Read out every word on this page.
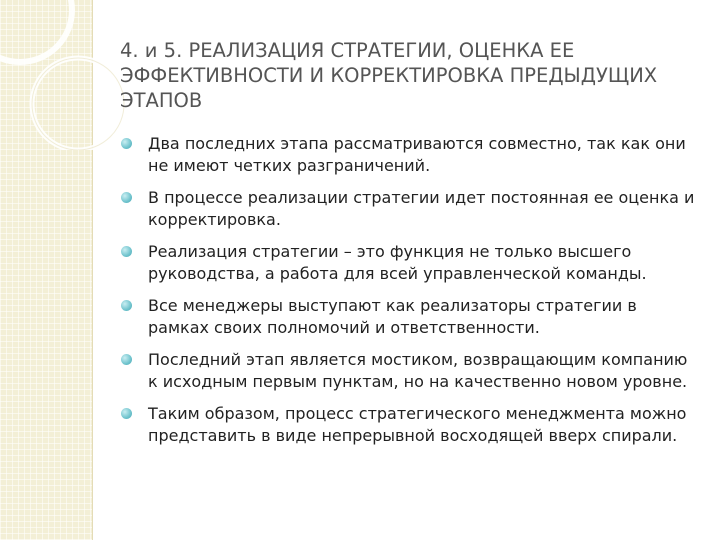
4. и 5. РЕАЛИЗАЦИЯ СТРАТЕГИИ, ОЦЕНКА ЕЕ ЭФФЕКТИВНОСТИ И КОРРЕКТИРОВКА ПРЕДЫДУЩИХ ЭТАПОВ
Два последних этапа рассматриваются совместно, так как они не имеют четких разграничений.
В процессе реализации стратегии идет постоянная ее оценка и корректировка.
Реализация стратегии – это функция не только высшего руководства, а работа для всей управленческой команды.
Все менеджеры выступают как реализаторы стратегии в рамках своих полномочий и ответственности.
Последний этап является мостиком, возвращающим компанию к исходным первым пунктам, но на качественно новом уровне.
Таким образом, процесс стратегического менеджмента можно представить в виде непрерывной восходящей вверх спирали.
